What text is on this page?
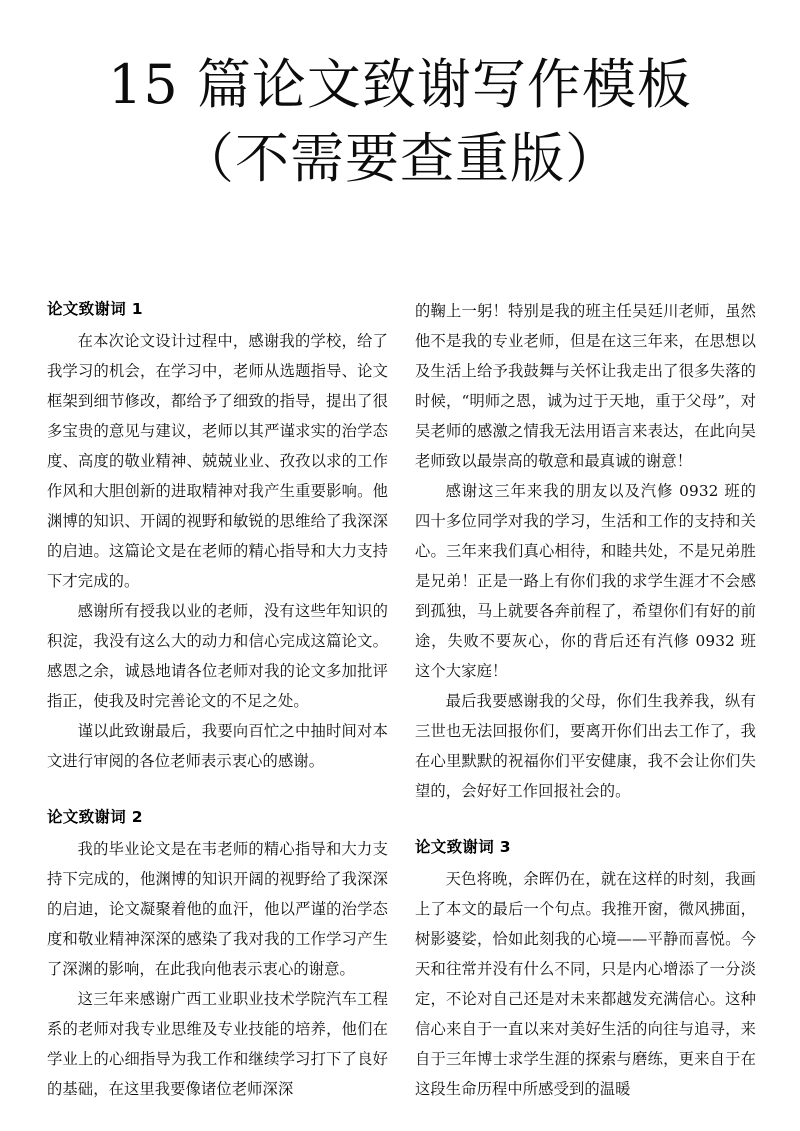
15 篇论文致谢写作模板
（不需要查重版）
论文致谢词 1

在本次论文设计过程中，感谢我的学校，给了我学习的机会，在学习中，老师从选题指导、论文框架到细节修改，都给予了细致的指导，提出了很多宝贵的意见与建议，老师以其严谨求实的治学态度、高度的敬业精神、兢兢业业、孜孜以求的工作作风和大胆创新的进取精神对我产生重要影响。他渊博的知识、开阔的视野和敏锐的思维给了我深深的启迪。这篇论文是在老师的精心指导和大力支持下才完成的。

感谢所有授我以业的老师，没有这些年知识的积淀，我没有这么大的动力和信心完成这篇论文。感恩之余，诚恳地请各位老师对我的论文多加批评指正，使我及时完善论文的不足之处。

谨以此致谢最后，我要向百忙之中抽时间对本文进行审阅的各位老师表示衷心的感谢。

论文致谢词 2

我的毕业论文是在韦老师的精心指导和大力支持下完成的，他渊博的知识开阔的视野给了我深深的启迪，论文凝聚着他的血汗，他以严谨的治学态度和敬业精神深深的感染了我对我的工作学习产生了深渊的影响，在此我向他表示衷心的谢意。

这三年来感谢广西工业职业技术学院汽车工程系的老师对我专业思维及专业技能的培养，他们在学业上的心细指导为我工作和继续学习打下了良好的基础，在这里我要像诸位老师深深

的鞠上一躬！特别是我的班主任吴廷川老师，虽然他不是我的专业老师，但是在这三年来，在思想以及生活上给予我鼓舞与关怀让我走出了很多失落的时候，“明师之恩，诚为过于天地，重于父母”，对吴老师的感激之情我无法用语言来表达，在此向吴老师致以最崇高的敬意和最真诚的谢意！

感谢这三年来我的朋友以及汽修 0932 班的四十多位同学对我的学习，生活和工作的支持和关心。三年来我们真心相待，和睦共处，不是兄弟胜是兄弟！正是一路上有你们我的求学生涯才不会感到孤独，马上就要各奔前程了，希望你们有好的前途，失败不要灰心，你的背后还有汽修 0932 班这个大家庭！

最后我要感谢我的父母，你们生我养我，纵有三世也无法回报你们，要离开你们出去工作了，我在心里默默的祝福你们平安健康，我不会让你们失望的，会好好工作回报社会的。

论文致谢词 3

天色将晚，余晖仍在，就在这样的时刻，我画上了本文的最后一个句点。我推开窗，微风拂面，树影婆娑，恰如此刻我的心境——平静而喜悦。今天和往常并没有什么不同，只是内心增添了一分淡定，不论对自己还是对未来都越发充满信心。这种信心来自于一直以来对美好生活的向往与追寻，来自于三年博士求学生涯的探索与磨练，更来自于在这段生命历程中所感受到的温暖
